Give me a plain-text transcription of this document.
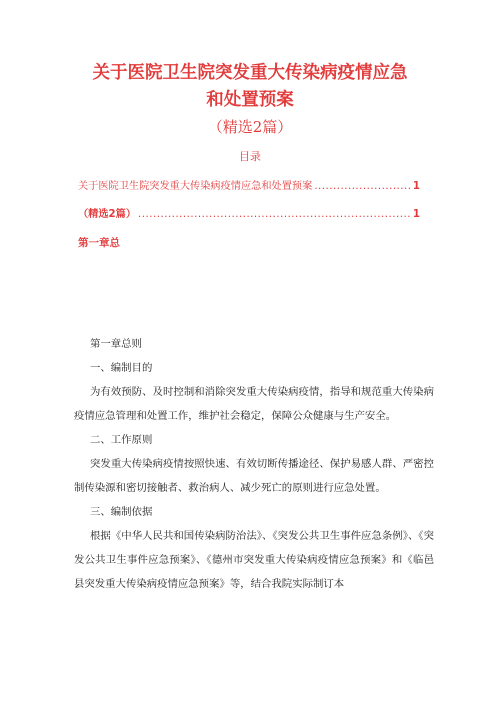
关于医院卫生院突发重大传染病疫情应急
和处置预案
（精选2篇）
目录
关于医院卫生院突发重大传染病疫情应急和处置预案 .....	1
（精选2篇） .....	1
第一章总

第一章总则

一、编制目的

为有效预防、及时控制和消除突发重大传染病疫情，指导和规范重大传染病疫情应急管理和处置工作，维护社会稳定，保障公众健康与生产安全。

二、工作原则

突发重大传染病疫情按照快速、有效切断传播途径、保护易感人群、严密控制传染源和密切接触者、救治病人、减少死亡的原则进行应急处置。

三、编制依据

根据《中华人民共和国传染病防治法》、《突发公共卫生事件应急条例》、《突发公共卫生事件应急预案》、《德州市突发重大传染病疫情应急预案》和《临邑县突发重大传染病疫情应急预案》等，结合我院实际制订本
